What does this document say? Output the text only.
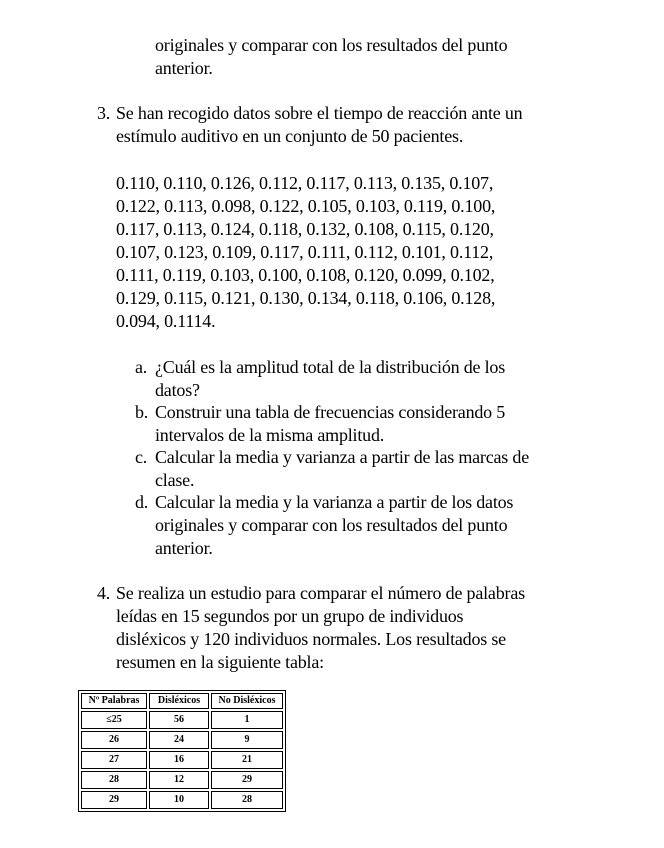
originales y comparar con los resultados del punto
anterior.
3. Se han recogido datos sobre el tiempo de reacción ante un
estímulo auditivo en un conjunto de 50 pacientes.
0.110, 0.110, 0.126, 0.112, 0.117, 0.113, 0.135, 0.107,
0.122, 0.113, 0.098, 0.122, 0.105, 0.103, 0.119, 0.100,
0.117, 0.113, 0.124, 0.118, 0.132, 0.108, 0.115, 0.120,
0.107, 0.123, 0.109, 0.117, 0.111, 0.112, 0.101, 0.112,
0.111, 0.119, 0.103, 0.100, 0.108, 0.120, 0.099, 0.102,
0.129, 0.115, 0.121, 0.130, 0.134, 0.118, 0.106, 0.128,
0.094, 0.1114.
a. ¿Cuál es la amplitud total de la distribución de los
datos?
b. Construir una tabla de frecuencias considerando 5
intervalos de la misma amplitud.
c. Calcular la media y varianza a partir de las marcas de
clase.
d. Calcular la media y la varianza a partir de los datos
originales y comparar con los resultados del punto
anterior.
4. Se realiza un estudio para comparar el número de palabras
leídas en 15 segundos por un grupo de individuos
disléxicos y 120 individuos normales. Los resultados se
resumen en la siguiente tabla:
Nº Palabras	Disléxicos	No Disléxicos
≤25	56	1
26	24	9
27	16	21
28	12	29
29	10	28
